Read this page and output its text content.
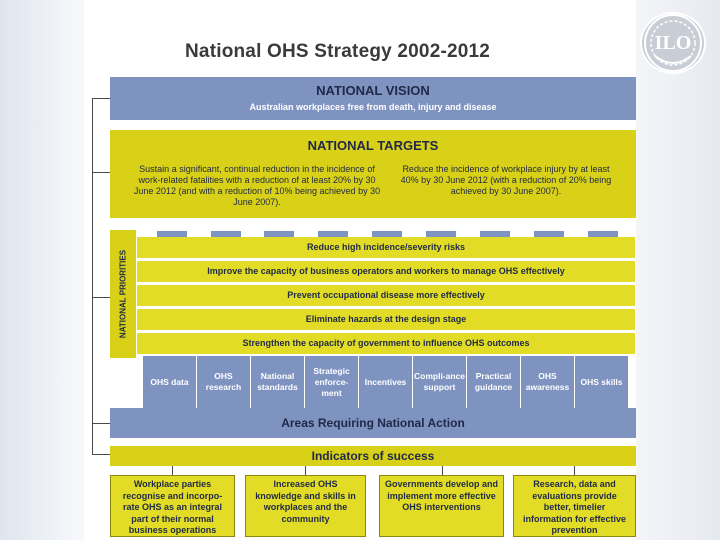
ILO
National OHS Strategy 2002-2012
NATIONAL VISION
Australian workplaces free from death, injury and disease
NATIONAL TARGETS
Sustain a significant, continual reduction in the incidence of work-related fatalities with a reduction of at least 20% by 30 June 2012 (and with a reduction of 10% being achieved by 30 June 2007).
Reduce the incidence of workplace injury by at least 40% by 30 June 2012 (with a reduction of 20% being achieved by 30 June 2007).
NATIONAL PRIORITIES
Reduce high incidence/severity risks
Improve the capacity of business operators and workers to manage OHS effectively
Prevent occupational disease more effectively
Eliminate hazards at the design stage
Strengthen the capacity of government to influence OHS outcomes
OHS data
OHS research
National standards
Strategic enforce-ment
Incentives
Compli-ance support
Practical guidance
OHS awareness
OHS skills
Areas Requiring National Action
Indicators of success
Workplace parties recognise and incorpo-rate OHS as an integral part of their normal business operations
Increased OHS knowledge and skills in workplaces and the community
Governments develop and implement more effective OHS interventions
Research, data and evaluations provide better, timelier information for effective prevention
